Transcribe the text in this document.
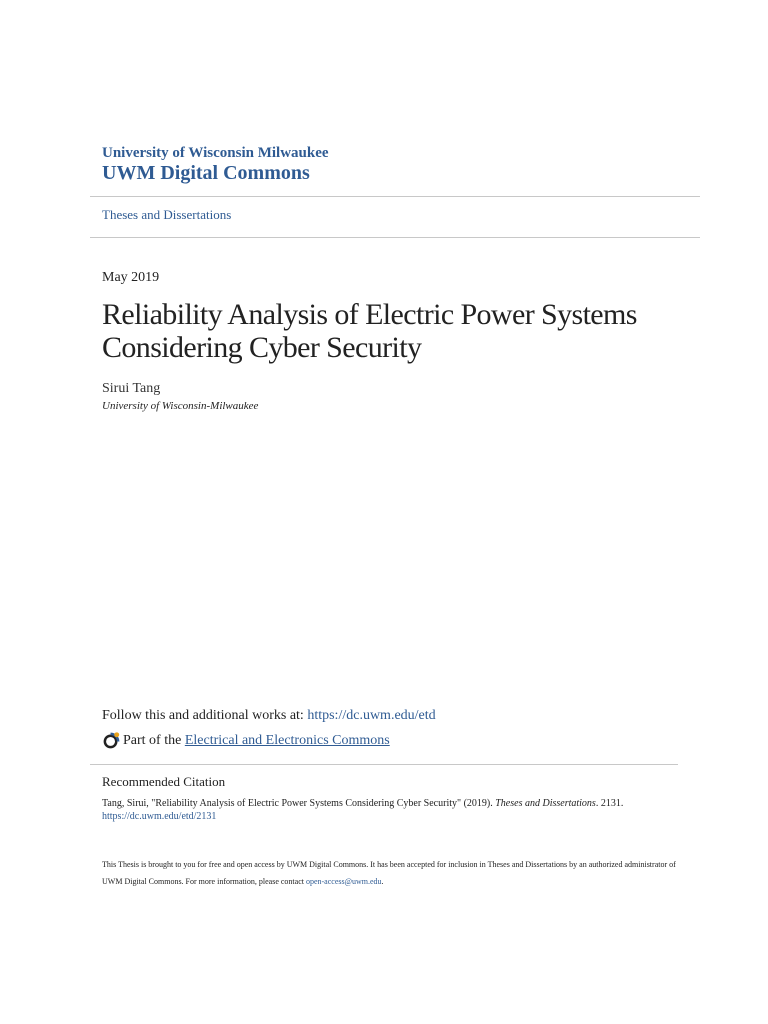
University of Wisconsin Milwaukee
UWM Digital Commons
Theses and Dissertations
May 2019
Reliability Analysis of Electric Power Systems Considering Cyber Security
Sirui Tang
University of Wisconsin-Milwaukee
Follow this and additional works at: https://dc.uwm.edu/etd
Part of the
Electrical and Electronics Commons
Recommended Citation
Tang, Sirui, "Reliability Analysis of Electric Power Systems Considering Cyber Security" (2019). Theses and Dissertations. 2131.
https://dc.uwm.edu/etd/2131
This Thesis is brought to you for free and open access by UWM Digital Commons. It has been accepted for inclusion in Theses and Dissertations by an authorized administrator of UWM Digital Commons. For more information, please contact open-access@uwm.edu.
